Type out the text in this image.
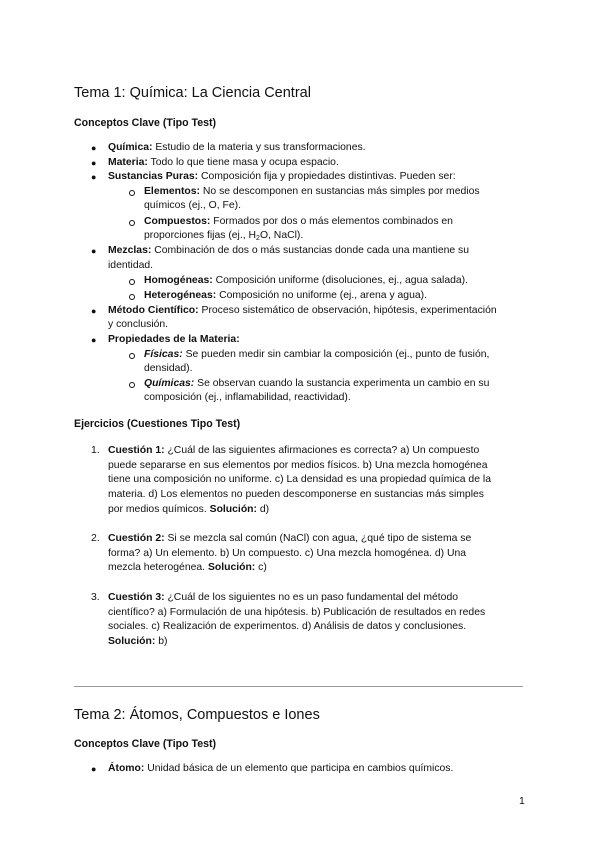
Tema 1: Química: La Ciencia Central
Conceptos Clave (Tipo Test)
● Química: Estudio de la materia y sus transformaciones.
● Materia: Todo lo que tiene masa y ocupa espacio.
● Sustancias Puras: Composición fija y propiedades distintivas. Pueden ser:
Elementos: No se descomponen en sustancias más simples por medios
químicos (ej., O, Fe).
Compuestos: Formados por dos o más elementos combinados en
proporciones fijas (ej., $H_2O$, NaCl).
● Mezclas: Combinación de dos o más sustancias donde cada una mantiene su
identidad.
Homogéneas: Composición uniforme (disoluciones, ej., agua salada).
Heterogéneas: Composición no uniforme (ej., arena y agua).
● Método Científico: Proceso sistemático de observación, hipótesis, experimentación
y conclusión.
● Propiedades de la Materia:
Físicas: Se pueden medir sin cambiar la composición (ej., punto de fusión,
densidad).
Químicas: Se observan cuando la sustancia experimenta un cambio en su
composición (ej., inflamabilidad, reactividad).
Ejercicios (Cuestiones Tipo Test)
1. Cuestión 1: ¿Cuál de las siguientes afirmaciones es correcta? a) Un compuesto
puede separarse en sus elementos por medios físicos. b) Una mezcla homogénea
tiene una composición no uniforme. c) La densidad es una propiedad química de la
materia. d) Los elementos no pueden descomponerse en sustancias más simples
por medios químicos. Solución: d)
2. Cuestión 2: Si se mezcla sal común (NaCl) con agua, ¿qué tipo de sistema se
forma? a) Un elemento. b) Un compuesto. c) Una mezcla homogénea. d) Una
mezcla heterogénea. Solución: c)
3. Cuestión 3: ¿Cuál de los siguientes no es un paso fundamental del método
científico? a) Formulación de una hipótesis. b) Publicación de resultados en redes
sociales. c) Realización de experimentos. d) Análisis de datos y conclusiones.
Solución: b)
Tema 2: Átomos, Compuestos e Iones
Conceptos Clave (Tipo Test)
● Átomo: Unidad básica de un elemento que participa en cambios químicos.
1
